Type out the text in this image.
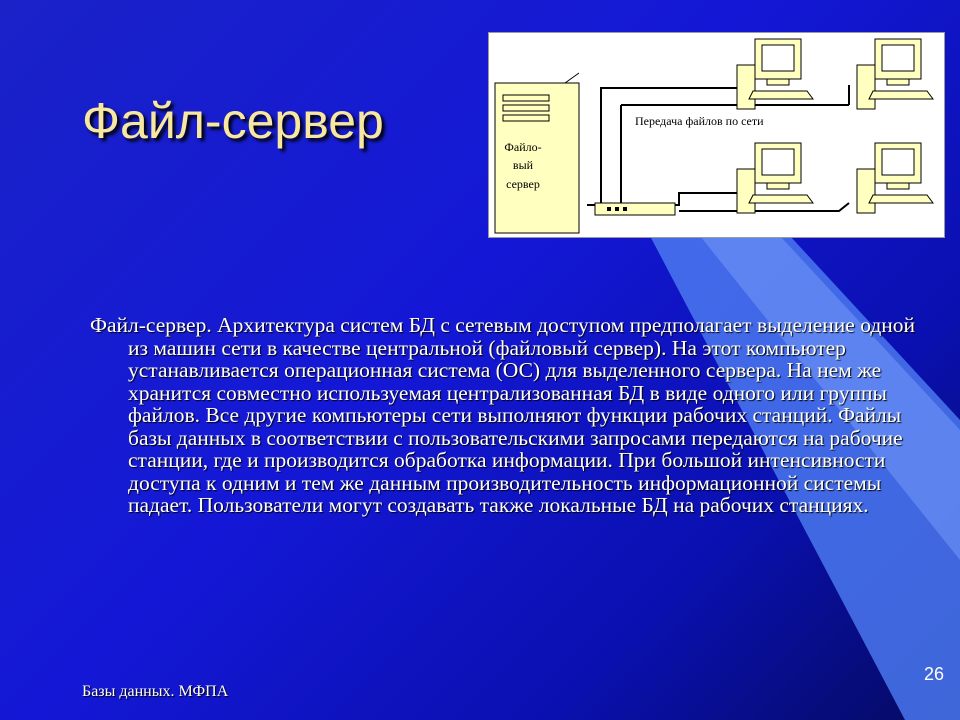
Файл-сервер	Файло-
вый
сервер
Передача файлов по сети
Файл-сервер. Архитектура систем БД с сетевым доступом предполагает выделение одной из машин сети в качестве центральной (файловый сервер). На этот компьютер устанавливается операционная система (ОС) для выделенного сервера. На нем же хранится совместно используемая централизованная БД в виде одного или группы файлов. Все другие компьютеры сети выполняют функции рабочих станций. Файлы базы данных в соответствии с пользовательскими запросами передаются на рабочие станции, где и производится обработка информации. При большой интенсивности доступа к одним и тем же данным производительность информационной системы падает. Пользователи могут создавать также локальные БД на рабочих станциях.
Базы данных. МФПА
26
